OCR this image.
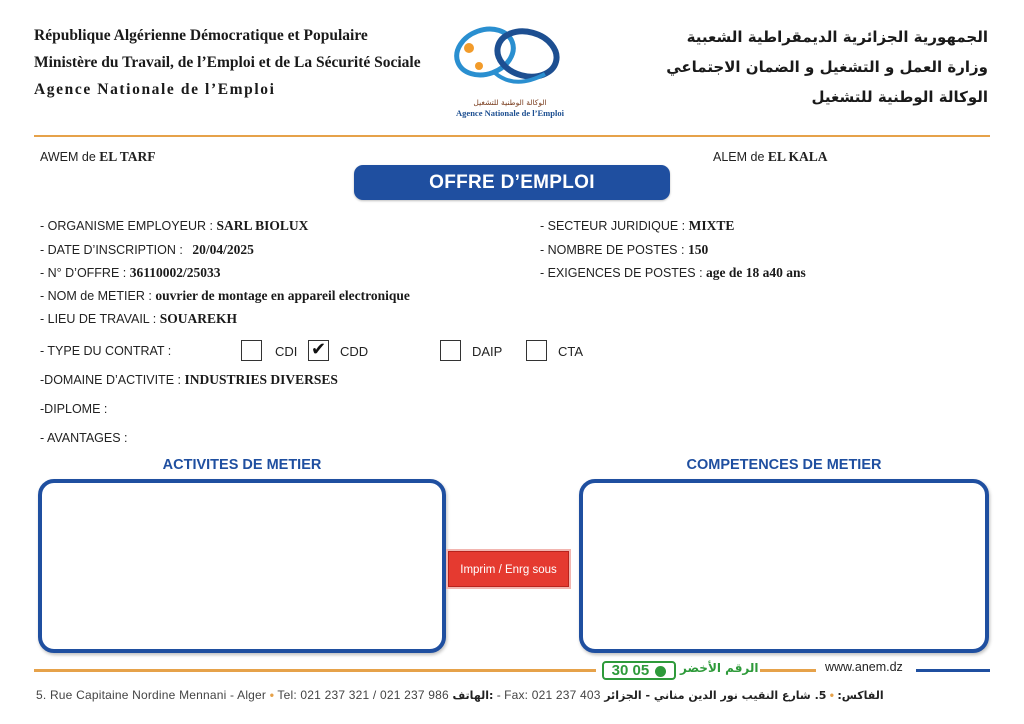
République Algérienne Démocratique et Populaire
Ministère du Travail, de l’Emploi et de La Sécurité Sociale
Agence Nationale de l’Emploi
الوكالة الوطنية للتشغيل
Agence Nationale de l’Emploi
الجمهورية الجزائرية الديمقراطية الشعبية
وزارة العمل و التشغيل و الضمان الاجتماعي
الوكالة الوطنية للتشغيل
AWEM de EL TARF	ALEM de EL KALA
OFFRE D’EMPLOI
- ORGANISME EMPLOYEUR : SARL BIOLUX
- DATE D’INSCRIPTION : 20/04/2025
- N° D’OFFRE : 36110002/25033
- NOM de METIER : ouvrier de montage en appareil electronique
- LIEU DE TRAVAIL : SOUAREKH
- SECTEUR JURIDIQUE : MIXTE
- NOMBRE DE POSTES : 150
- EXIGENCES DE POSTES : age de 18 a40 ans
- TYPE DU CONTRAT :	CDI ✔ CDD	DAIP	CTA
-DOMAINE D’ACTIVITE : INDUSTRIES DIVERSES
-DIPLOME :
- AVANTAGES :
ACTIVITES DE METIER	COMPETENCES DE METIER
Imprim / Enrg sous
30 05	الرقم الأخضر	www.anem.dz
5. Rue Capitaine Nordine Mennani - Alger • Tel: 021 237 321 / 021 237 986 الهاتف: - Fax: 021 237 403	الفاكس: • 5. شارع النقيب نور الدين مناني - الجزائر
